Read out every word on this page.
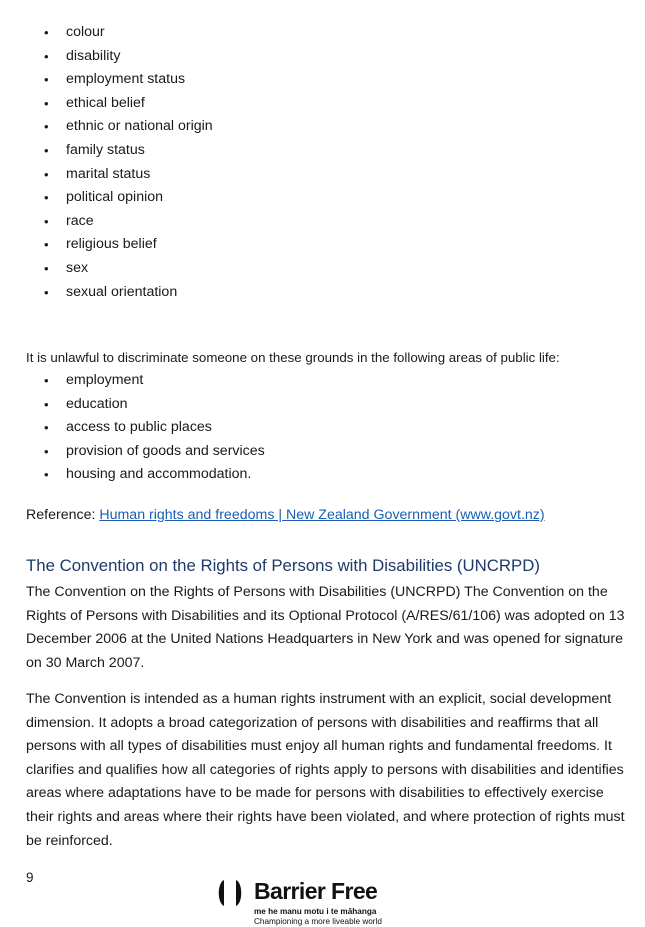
• colour
• disability
• employment status
• ethical belief
• ethnic or national origin
• family status
• marital status
• political opinion
• race
• religious belief
• sex
• sexual orientation

It is unlawful to discriminate someone on these grounds in the following areas of public life:

• employment
• education
• access to public places
• provision of goods and services
• housing and accommodation.
Reference: Human rights and freedoms | New Zealand Government (www.govt.nz)
The Convention on the Rights of Persons with Disabilities (UNCRPD)

The Convention on the Rights of Persons with Disabilities (UNCRPD) The Convention on the Rights of Persons with Disabilities and its Optional Protocol (A/RES/61/106) was adopted on 13 December 2006 at the United Nations Headquarters in New York and was opened for signature on 30 March 2007.

The Convention is intended as a human rights instrument with an explicit, social development dimension. It adopts a broad categorization of persons with disabilities and reaffirms that all persons with all types of disabilities must enjoy all human rights and fundamental freedoms. It clarifies and qualifies how all categories of rights apply to persons with disabilities and identifies areas where adaptations have to be made for persons with disabilities to effectively exercise their rights and areas where their rights have been violated, and where protection of rights must be reinforced.

9
Barrier Free
me he manu motu i te māhanga
Championing a more liveable world
